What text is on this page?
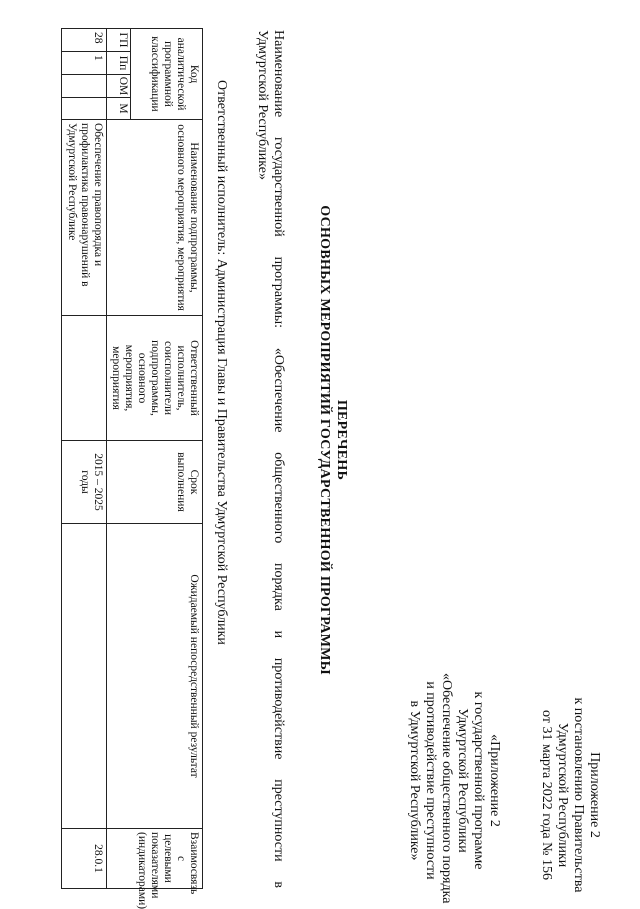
Приложение 2
к постановлению Правительства
Удмуртской Республики
от 31 марта 2022 года № 156
«Приложение 2
к государственной программе
Удмуртской Республики
«Обеспечение общественного порядка
и противодействие преступности
в Удмуртской Республике»
ПЕРЕЧЕНЬ
ОСНОВНЫХ МЕРОПРИЯТИЙ ГОСУДАРСТВЕННОЙ ПРОГРАММЫ
Наименование государственной программы: «Обеспечение общественного порядка и противодействие преступности в
Удмуртской Республике»
Ответственный исполнитель: Администрация Главы и Правительства Удмуртской Республики
Код аналитической программной классификации				Наименование подпрограммы, основного мероприятия, мероприятия	Ответственный исполнитель, соисполнители подпрограммы, основного мероприятия, мероприятия	Срок выполнения	Ожидаемый непосредственный результат	Взаимосвязь с целевыми показателями (индикаторами)
ГП	Пп	ОМ	М					
28	1			Обеспечение правопорядка и профилактика правонарушений в Удмуртской Республике		2015 – 2025 годы		28.0.1
